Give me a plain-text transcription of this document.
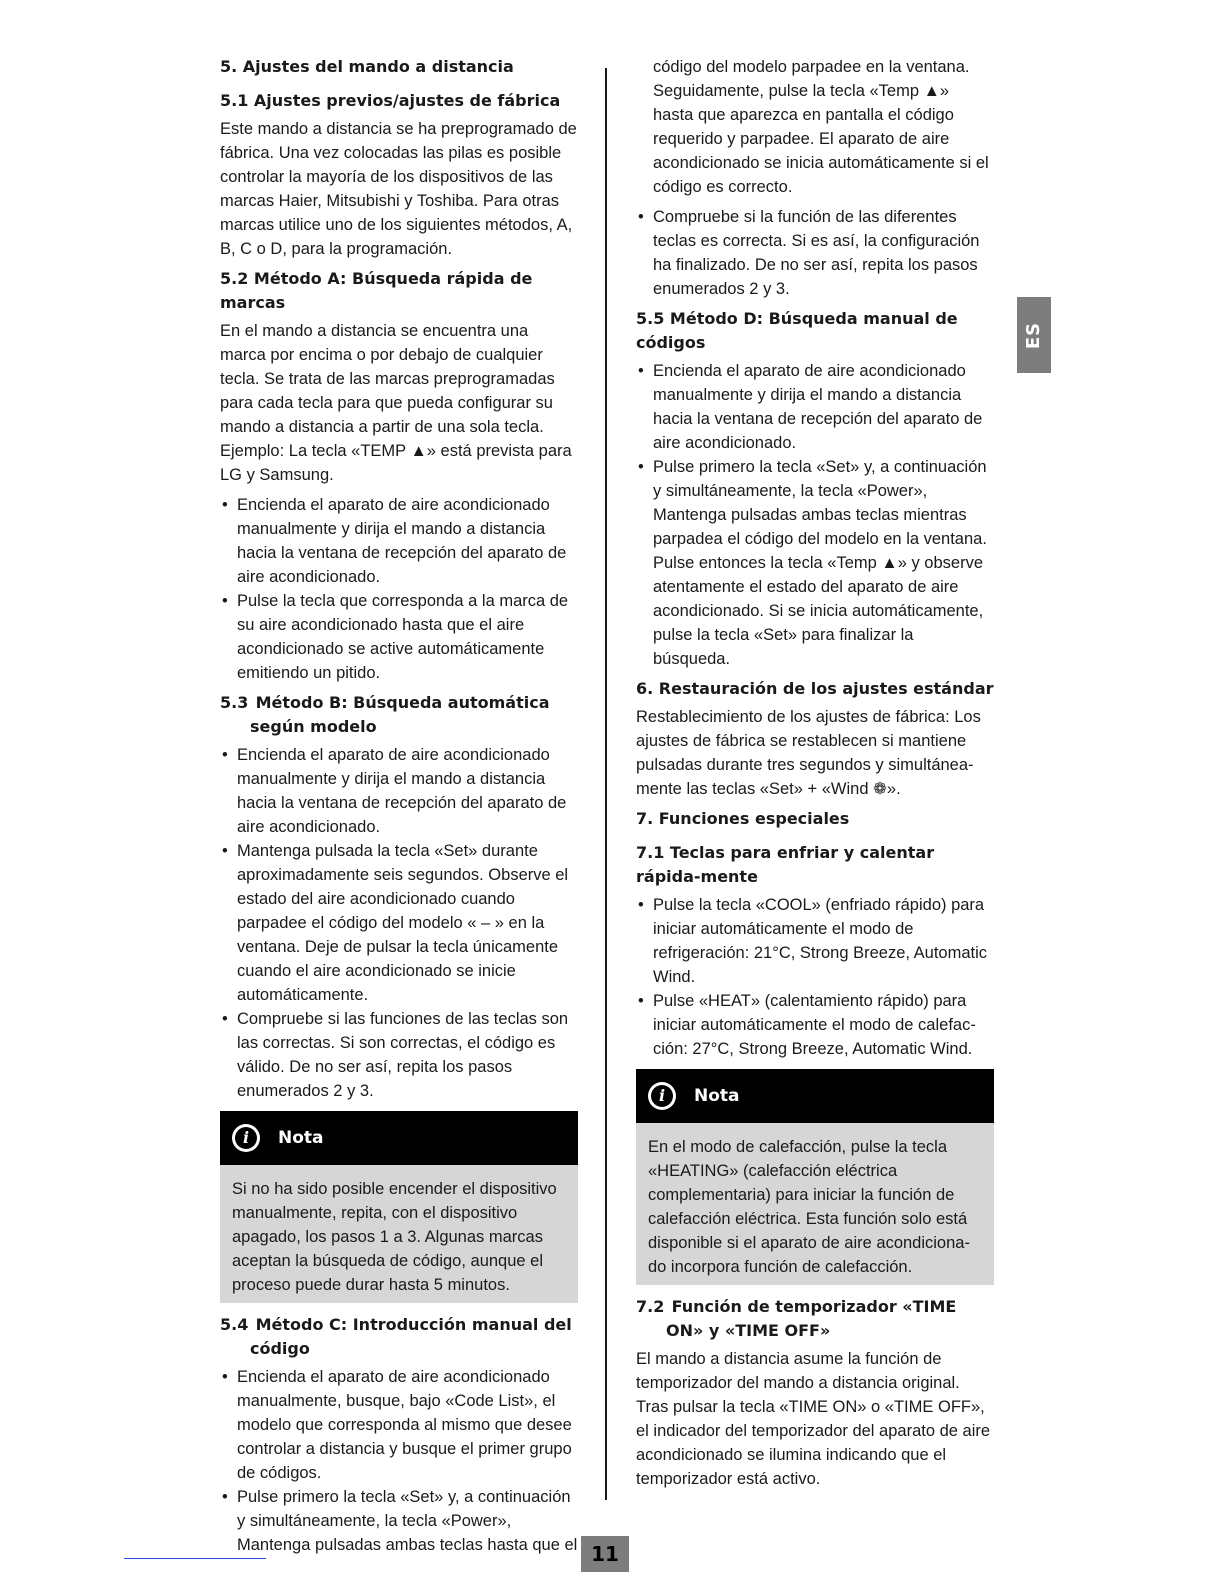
5. Ajustes del mando a distancia
5.1 Ajustes previos/ajustes de fábrica

Este mando a distancia se ha preprogramado de fábrica. Una vez colocadas las pilas es posible controlar la mayoría de los dispositivos de las marcas Haier, Mitsubishi y Toshiba. Para otras marcas utilice uno de los siguientes métodos, A, B, C o D, para la programación.

5.2 Método A: Búsqueda rápida de marcas

En el mando a distancia se encuentra una marca por encima o por debajo de cualquier tecla. Se trata de las marcas preprogramadas para cada tecla para que pueda configurar su mando a distancia a partir de una sola tecla. Ejemplo: La tecla «TEMP ▲» está prevista para LG y Samsung.

• Encienda el aparato de aire acondicionado manualmente y dirija el mando a distancia hacia la ventana de recepción del aparato de aire acondicionado.
• Pulse la tecla que corresponda a la marca de su aire acondicionado hasta que el aire acondicionado se active automáticamente emitiendo un pitido.
5.3 Método B: Búsqueda automática según modelo
• Encienda el aparato de aire acondicionado manualmente y dirija el mando a distancia hacia la ventana de recepción del aparato de aire acondicionado.
• Mantenga pulsada la tecla «Set» durante aproximadamente seis segundos. Observe el estado del aire acondicionado cuando parpadee el código del modelo « – » en la ventana. Deje de pulsar la tecla únicamente cuando el aire acondicionado se inicie automáticamente.
• Compruebe si las funciones de las teclas son las correctas. Si son correctas, el código es válido. De no ser así, repita los pasos enumerados 2 y 3.
i	Nota
Si no ha sido posible encender el dispositivo manualmente, repita, con el dispositivo apagado, los pasos 1 a 3. Algunas marcas aceptan la búsqueda de código, aunque el proceso puede durar hasta 5 minutos.
5.4 Método C: Introducción manual del código
• Encienda el aparato de aire acondicionado manualmente, busque, bajo «Code List», el modelo que corresponda al mismo que desee controlar a distancia y busque el primer grupo de códigos.
• Pulse primero la tecla «Set» y, a continuación y simultáneamente, la tecla «Power», Mantenga pulsadas ambas teclas hasta que el

código del modelo parpadee en la ventana. Seguidamente, pulse la tecla «Temp ▲» hasta que aparezca en pantalla el código requerido y parpadee. El aparato de aire acondicionado se inicia automáticamente si el código es correcto.

• Compruebe si la función de las diferentes teclas es correcta. Si es así, la configuración ha finalizado. De no ser así, repita los pasos enumerados 2 y 3.
5.5 Método D: Búsqueda manual de códigos
• Encienda el aparato de aire acondicionado manualmente y dirija el mando a distancia hacia la ventana de recepción del aparato de aire acondicionado.
• Pulse primero la tecla «Set» y, a continuación y simultáneamente, la tecla «Power», Mantenga pulsadas ambas teclas mientras parpadea el código del modelo en la ventana. Pulse entonces la tecla «Temp ▲» y observe atentamente el estado del aparato de aire acondicionado. Si se inicia automáticamente, pulse la tecla «Set» para finalizar la búsqueda.
6. Restauración de los ajustes estándar

Restablecimiento de los ajustes de fábrica: Los ajustes de fábrica se restablecen si mantiene pulsadas durante tres segundos y simultánea-mente las teclas «Set» + «Wind ❁».

7. Funciones especiales
7.1 Teclas para enfriar y calentar rápida-mente
• Pulse la tecla «COOL» (enfriado rápido) para iniciar automáticamente el modo de refrigeración: 21°C, Strong Breeze, Automatic Wind.
• Pulse «HEAT» (calentamiento rápido) para iniciar automáticamente el modo de calefac-ción: 27°C, Strong Breeze, Automatic Wind.
i	Nota
En el modo de calefacción, pulse la tecla «HEATING» (calefacción eléctrica complementaria) para iniciar la función de calefacción eléctrica. Esta función solo está disponible si el aparato de aire acondiciona-do incorpora función de calefacción.
7.2 Función de temporizador «TIME ON» y «TIME OFF»

El mando a distancia asume la función de temporizador del mando a distancia original. Tras pulsar la tecla «TIME ON» o «TIME OFF», el indicador del temporizador del aparato de aire acondicionado se ilumina indicando que el temporizador está activo.

ES
11
